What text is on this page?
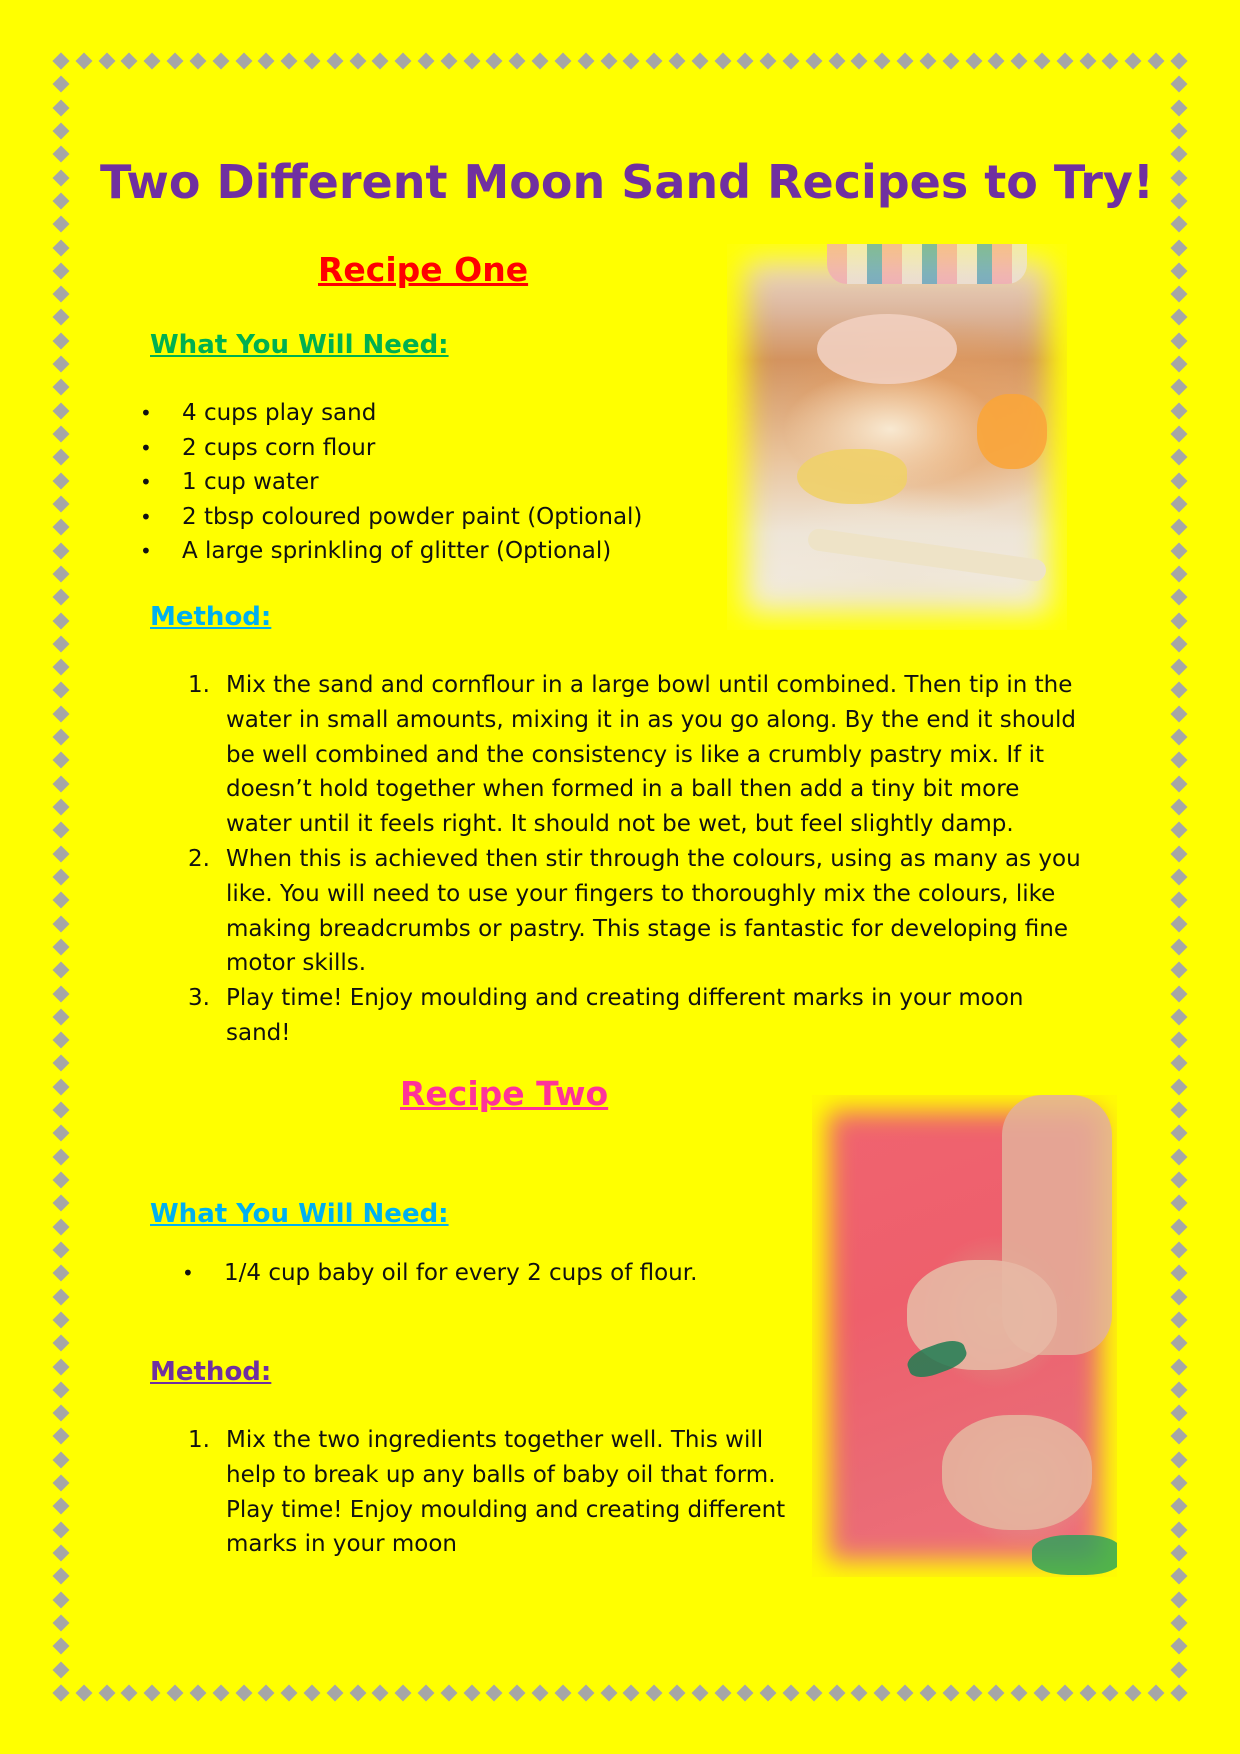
Two Different Moon Sand Recipes to Try!
Recipe One
What You Will Need:
• 4 cups play sand
• 2 cups corn flour
• 1 cup water
• 2 tbsp coloured powder paint (Optional)
• A large sprinkling of glitter (Optional)
Method:
1. Mix the sand and cornflour in a large bowl until combined. Then tip in the water in small amounts, mixing it in as you go along. By the end it should be well combined and the consistency is like a crumbly pastry mix. If it doesn’t hold together when formed in a ball then add a tiny bit more water until it feels right. It should not be wet, but feel slightly damp.
2. When this is achieved then stir through the colours, using as many as you like. You will need to use your fingers to thoroughly mix the colours, like making breadcrumbs or pastry. This stage is fantastic for developing fine motor skills.
3. Play time! Enjoy moulding and creating different marks in your moon sand!
Recipe Two
What You Will Need:
• 1/4 cup baby oil for every 2 cups of flour.
Method:
1. Mix the two ingredients together well. This will help to break up any balls of baby oil that form. Play time! Enjoy moulding and creating different marks in your moon
